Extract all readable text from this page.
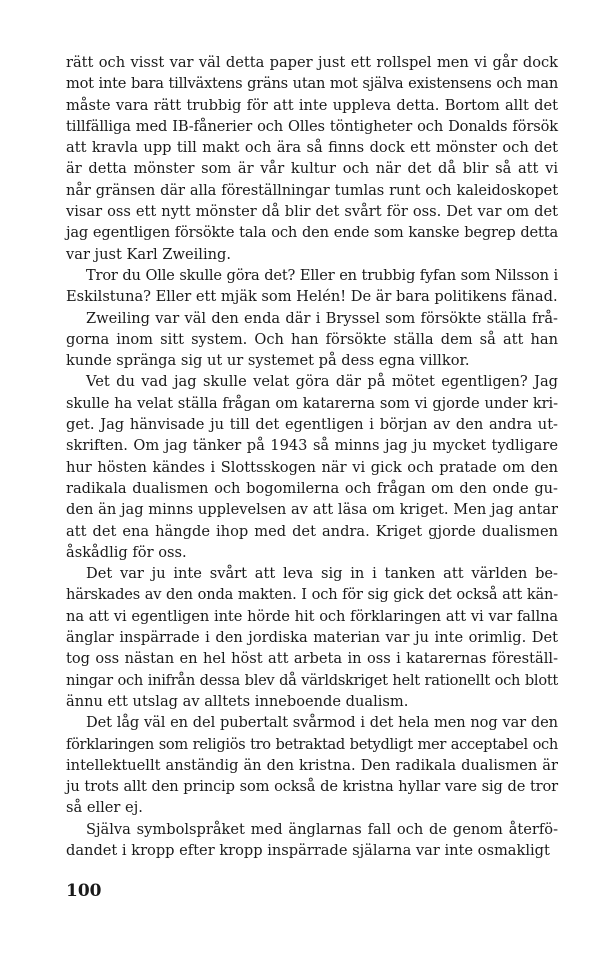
rätt och visst var väl detta paper just ett rollspel men vi går dock
mot inte bara tillväxtens gräns utan mot själva existensens och man
måste vara rätt trubbig för att inte uppleva detta. Bortom allt det
tillfälliga med IB-fånerier och Olles töntigheter och Donalds försök
att kravla upp till makt och ära så finns dock ett mönster och det
är detta mönster som är vår kultur och när det då blir så att vi
når gränsen där alla föreställningar tumlas runt och kaleidoskopet
visar oss ett nytt mönster då blir det svårt för oss. Det var om det
jag egentligen försökte tala och den ende som kanske begrep detta
var just Karl Zweiling.

Tror du Olle skulle göra det? Eller en trubbig fyfan som Nilsson i
Eskilstuna? Eller ett mjäk som Helén! De är bara politikens fänad.

Zweiling var väl den enda där i Bryssel som försökte ställa frå-
gorna inom sitt system. Och han försökte ställa dem så att han
kunde spränga sig ut ur systemet på dess egna villkor.

Vet du vad jag skulle velat göra där på mötet egentligen? Jag
skulle ha velat ställa frågan om katarerna som vi gjorde under kri-
get. Jag hänvisade ju till det egentligen i början av den andra ut-
skriften. Om jag tänker på 1943 så minns jag ju mycket tydligare
hur hösten kändes i Slottsskogen när vi gick och pratade om den
radikala dualismen och bogomilerna och frågan om den onde gu-
den än jag minns upplevelsen av att läsa om kriget. Men jag antar
att det ena hängde ihop med det andra. Kriget gjorde dualismen
åskådlig för oss.

Det var ju inte svårt att leva sig in i tanken att världen be-
härskades av den onda makten. I och för sig gick det också att kän-
na att vi egentligen inte hörde hit och förklaringen att vi var fallna
änglar inspärrade i den jordiska materian var ju inte orimlig. Det
tog oss nästan en hel höst att arbeta in oss i katarernas föreställ-
ningar och inifrån dessa blev då världskriget helt rationellt och blott
ännu ett utslag av alltets inneboende dualism.

Det låg väl en del pubertalt svårmod i det hela men nog var den
förklaringen som religiös tro betraktad betydligt mer acceptabel och
intellektuellt anständig än den kristna. Den radikala dualismen är
ju trots allt den princip som också de kristna hyllar vare sig de tror
så eller ej.

Själva symbolspråket med änglarnas fall och de genom återfö-
dandet i kropp efter kropp inspärrade själarna var inte osmakligt

100
